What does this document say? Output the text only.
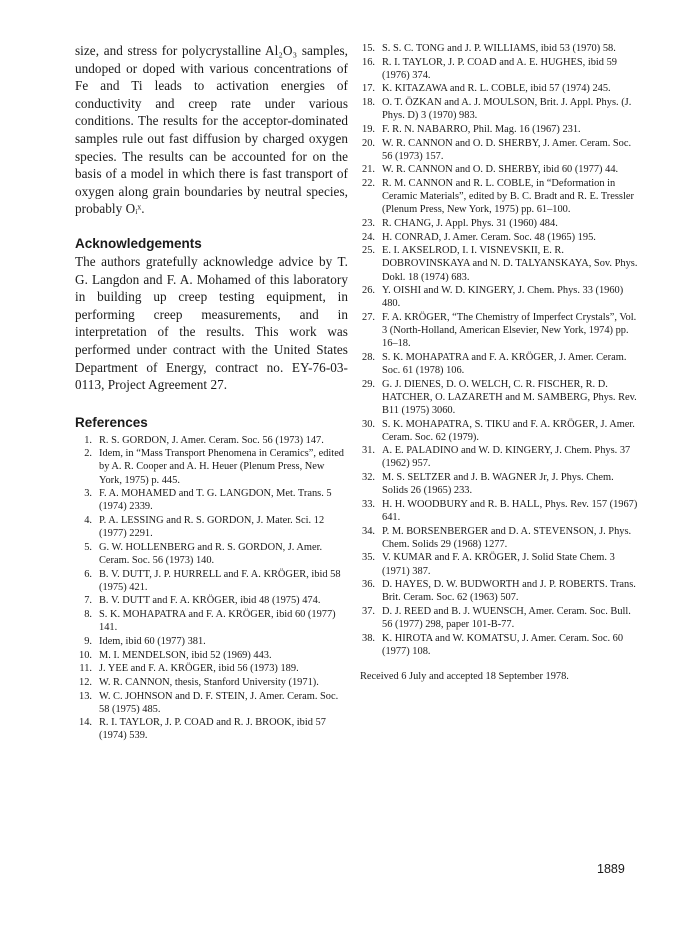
size, and stress for polycrystalline Al₂O₃ samples, undoped or doped with various concentrations of Fe and Ti leads to activation energies of conductivity and creep rate under various conditions. The results for the acceptor-dominated samples rule out fast diffusion by charged oxygen species. The results can be accounted for on the basis of a model in which there is fast transport of oxygen along grain boundaries by neutral species, probably Oᵢˣ.

Acknowledgements

The authors gratefully acknowledge advice by T. G. Langdon and F. A. Mohamed of this laboratory in building up creep testing equipment, in performing creep measurements, and in interpretation of the results. This work was performed under contract with the United States Department of Energy, contract no. EY-76-03-0113, Project Agreement 27.

References
1. R. S. GORDON, J. Amer. Ceram. Soc. 56 (1973) 147.
2. Idem, in “Mass Transport Phenomena in Ceramics”, edited by A. R. Cooper and A. H. Heuer (Plenum Press, New York, 1975) p. 445.
3. F. A. MOHAMED and T. G. LANGDON, Met. Trans. 5 (1974) 2339.
4. P. A. LESSING and R. S. GORDON, J. Mater. Sci. 12 (1977) 2291.
5. G. W. HOLLENBERG and R. S. GORDON, J. Amer. Ceram. Soc. 56 (1973) 140.
6. B. V. DUTT, J. P. HURRELL and F. A. KRÖGER, ibid 58 (1975) 421.
7. B. V. DUTT and F. A. KRÖGER, ibid 48 (1975) 474.
8. S. K. MOHAPATRA and F. A. KRÖGER, ibid 60 (1977) 141.
9. Idem, ibid 60 (1977) 381.
10. M. I. MENDELSON, ibid 52 (1969) 443.
11. J. YEE and F. A. KRÖGER, ibid 56 (1973) 189.
12. W. R. CANNON, thesis, Stanford University (1971).
13. W. C. JOHNSON and D. F. STEIN, J. Amer. Ceram. Soc. 58 (1975) 485.
14. R. I. TAYLOR, J. P. COAD and R. J. BROOK, ibid 57 (1974) 539.
15. S. S. C. TONG and J. P. WILLIAMS, ibid 53 (1970) 58.
16. R. I. TAYLOR, J. P. COAD and A. E. HUGHES, ibid 59 (1976) 374.
17. K. KITAZAWA and R. L. COBLE, ibid 57 (1974) 245.
18. O. T. ÖZKAN and A. J. MOULSON, Brit. J. Appl. Phys. (J. Phys. D) 3 (1970) 983.
19. F. R. N. NABARRO, Phil. Mag. 16 (1967) 231.
20. W. R. CANNON and O. D. SHERBY, J. Amer. Ceram. Soc. 56 (1973) 157.
21. W. R. CANNON and O. D. SHERBY, ibid 60 (1977) 44.
22. R. M. CANNON and R. L. COBLE, in “Deformation in Ceramic Materials”, edited by B. C. Bradt and R. E. Tressler (Plenum Press, New York, 1975) pp. 61–100.
23. R. CHANG, J. Appl. Phys. 31 (1960) 484.
24. H. CONRAD, J. Amer. Ceram. Soc. 48 (1965) 195.
25. E. I. AKSELROD, I. I. VISNEVSKII, E. R. DOBROVINSKAYA and N. D. TALYANSKAYA, Sov. Phys. Dokl. 18 (1974) 683.
26. Y. OISHI and W. D. KINGERY, J. Chem. Phys. 33 (1960) 480.
27. F. A. KRÖGER, “The Chemistry of Imperfect Crystals”, Vol. 3 (North-Holland, American Elsevier, New York, 1974) pp. 16–18.
28. S. K. MOHAPATRA and F. A. KRÖGER, J. Amer. Ceram. Soc. 61 (1978) 106.
29. G. J. DIENES, D. O. WELCH, C. R. FISCHER, R. D. HATCHER, O. LAZARETH and M. SAMBERG, Phys. Rev. B11 (1975) 3060.
30. S. K. MOHAPATRA, S. TIKU and F. A. KRÖGER, J. Amer. Ceram. Soc. 62 (1979).
31. A. E. PALADINO and W. D. KINGERY, J. Chem. Phys. 37 (1962) 957.
32. M. S. SELTZER and J. B. WAGNER Jr, J. Phys. Chem. Solids 26 (1965) 233.
33. H. H. WOODBURY and R. B. HALL, Phys. Rev. 157 (1967) 641.
34. P. M. BORSENBERGER and D. A. STEVENSON, J. Phys. Chem. Solids 29 (1968) 1277.
35. V. KUMAR and F. A. KRÖGER, J. Solid State Chem. 3 (1971) 387.
36. D. HAYES, D. W. BUDWORTH and J. P. ROBERTS. Trans. Brit. Ceram. Soc. 62 (1963) 507.
37. D. J. REED and B. J. WUENSCH, Amer. Ceram. Soc. Bull. 56 (1977) 298, paper 101-B-77.
38. K. HIROTA and W. KOMATSU, J. Amer. Ceram. Soc. 60 (1977) 108.

Received 6 July and accepted 18 September 1978.

1889
